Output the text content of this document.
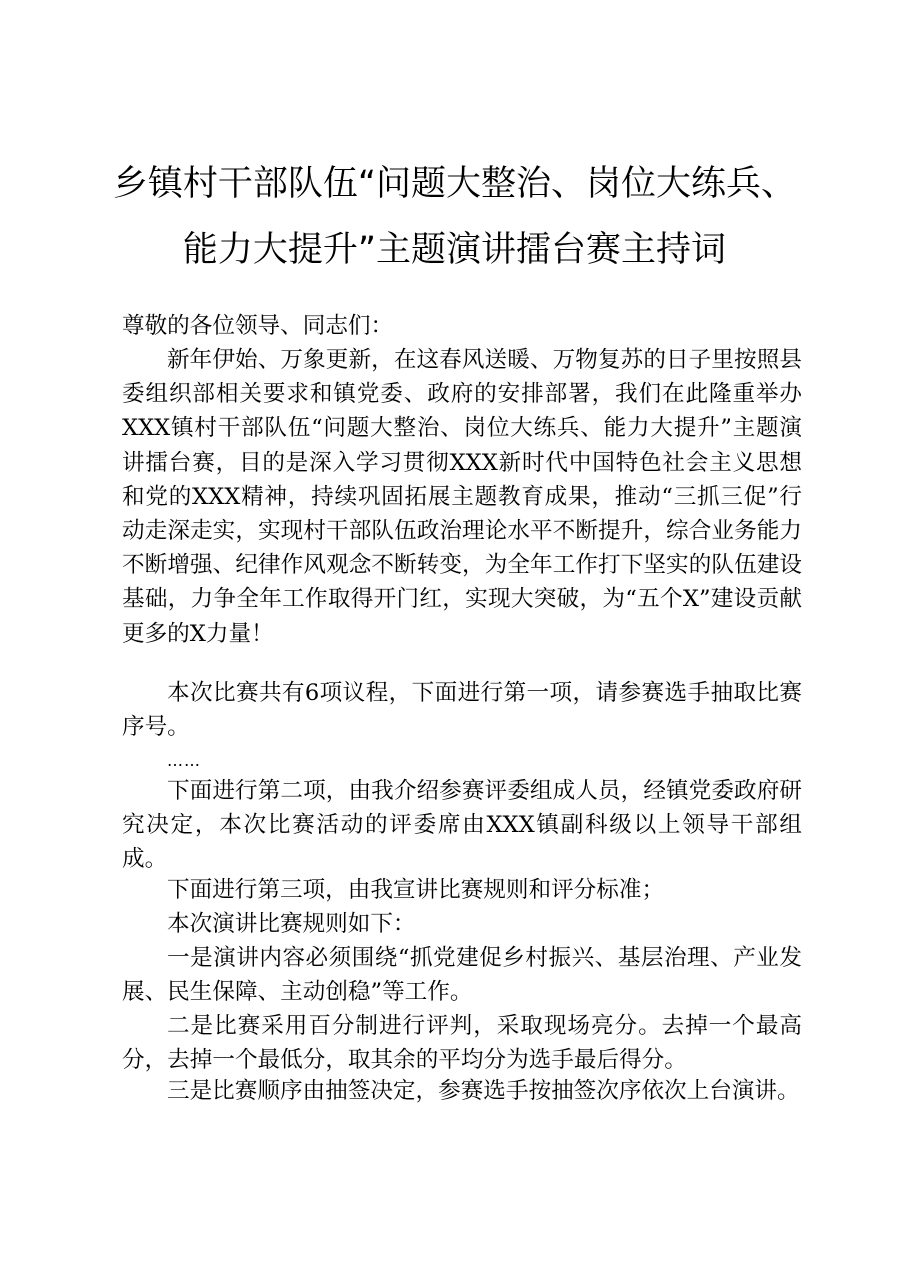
乡镇村干部队伍“问题大整治、岗位大练兵、
能力大提升”主题演讲擂台赛主持词

尊敬的各位领导、同志们：

新年伊始、万象更新，在这春风送暖、万物复苏的日子里按照县委组织部相关要求和镇党委、政府的安排部署，我们在此隆重举办XXX镇村干部队伍“问题大整治、岗位大练兵、能力大提升”主题演讲擂台赛，目的是深入学习贯彻XXX新时代中国特色社会主义思想和党的XXX精神，持续巩固拓展主题教育成果，推动“三抓三促”行动走深走实，实现村干部队伍政治理论水平不断提升，综合业务能力不断增强、纪律作风观念不断转变，为全年工作打下坚实的队伍建设基础，力争全年工作取得开门红，实现大突破，为“五个X”建设贡献更多的X力量！

本次比赛共有6项议程，下面进行第一项，请参赛选手抽取比赛序号。

……

下面进行第二项，由我介绍参赛评委组成人员，经镇党委政府研究决定，本次比赛活动的评委席由XXX镇副科级以上领导干部组成。

下面进行第三项，由我宣讲比赛规则和评分标准；

本次演讲比赛规则如下：

一是演讲内容必须围绕“抓党建促乡村振兴、基层治理、产业发展、民生保障、主动创稳”等工作。

二是比赛采用百分制进行评判，采取现场亮分。去掉一个最高分，去掉一个最低分，取其余的平均分为选手最后得分。

三是比赛顺序由抽签决定，参赛选手按抽签次序依次上台演讲。
